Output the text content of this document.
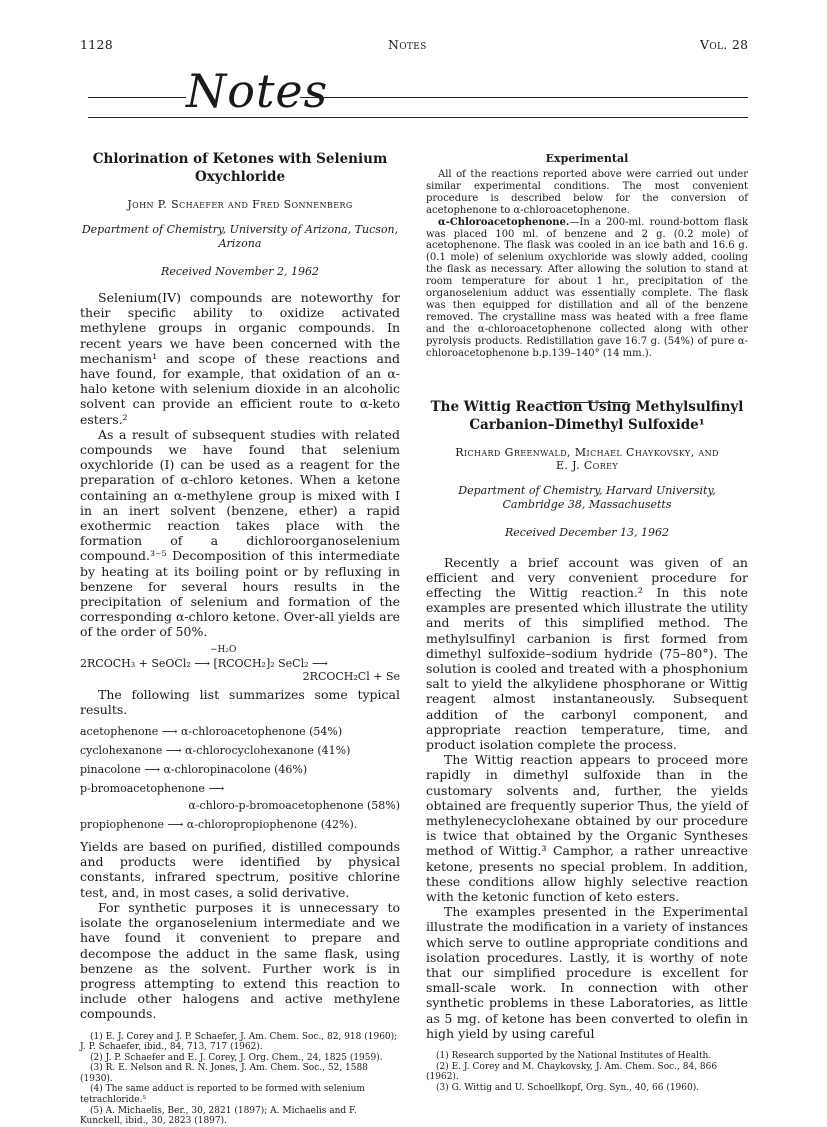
1128	Notes	Vol. 28
Notes
Chlorination of Ketones with Selenium
Oxychloride
John P. Schaefer and Fred Sonnenberg
Department of Chemistry, University of Arizona, Tucson,
Arizona
Received November 2, 1962

Selenium(IV) compounds are noteworthy for their specific ability to oxidize activated methylene groups in organic compounds. In recent years we have been concerned with the mechanism¹ and scope of these reactions and have found, for example, that oxidation of an α-halo ketone with selenium dioxide in an alcoholic solvent can provide an efficient route to α-keto esters.²

As a result of subsequent studies with related compounds we have found that selenium oxychloride (I) can be used as a reagent for the preparation of α-chloro ketones. When a ketone containing an α-methylene group is mixed with I in an inert solvent (benzene, ether) a rapid exothermic reaction takes place with the formation of a dichloroorganoselenium compound.³⁻⁵ Decomposition of this intermediate by heating at its boiling point or by refluxing in benzene for several hours results in the precipitation of selenium and formation of the corresponding α-chloro ketone. Over-all yields are of the order of 50%.

−H₂O
2RCOCH₃ + SeOCl₂ ⟶ [RCOCH₂]₂ SeCl₂ ⟶
2RCOCH₂Cl + Se

The following list summarizes some typical results.

acetophenone ⟶ α-chloroacetophenone (54%)
cyclohexanone ⟶ α-chlorocyclohexanone (41%)
pinacolone ⟶ α-chloropinacolone (46%)
p-bromoacetophenone ⟶
α-chloro-p-bromoacetophenone (58%)
propiophenone ⟶ α-chloropropiophenone (42%).

Yields are based on purified, distilled compounds and products were identified by physical constants, infrared spectrum, positive chlorine test, and, in most cases, a solid derivative.

For synthetic purposes it is unnecessary to isolate the organoselenium intermediate and we have found it convenient to prepare and decompose the adduct in the same flask, using benzene as the solvent. Further work is in progress attempting to extend this reaction to include other halogens and active methylene compounds.

(1) E. J. Corey and J. P. Schaefer, J. Am. Chem. Soc., 82, 918 (1960); J. P. Schaefer, ibid., 84, 713, 717 (1962).
(2) J. P. Schaefer and E. J. Corey, J. Org. Chem., 24, 1825 (1959).
(3) R. E. Nelson and R. N. Jones, J. Am. Chem. Soc., 52, 1588 (1930).
(4) The same adduct is reported to be formed with selenium tetrachloride.⁵
(5) A. Michaelis, Ber., 30, 2821 (1897); A. Michaelis and F. Kunckell, ibid., 30, 2823 (1897).
Experimental

All of the reactions reported above were carried out under similar experimental conditions. The most convenient procedure is described below for the conversion of acetophenone to α-chloroacetophenone.

α-Chloroacetophenone.—In a 200-ml. round-bottom flask was placed 100 ml. of benzene and 2 g. (0.2 mole) of acetophenone. The flask was cooled in an ice bath and 16.6 g. (0.1 mole) of selenium oxychloride was slowly added, cooling the flask as necessary. After allowing the solution to stand at room temperature for about 1 hr., precipitation of the organoselenium adduct was essentially complete. The flask was then equipped for distillation and all of the benzene removed. The crystalline mass was heated with a free flame and the α-chloroacetophenone collected along with other pyrolysis products. Redistillation gave 16.7 g. (54%) of pure α-chloroacetophenone b.p.139–140° (14 mm.).

The Wittig Reaction Using Methylsulfinyl
Carbanion–Dimethyl Sulfoxide¹
Richard Greenwald, Michael Chaykovsky, and
E. J. Corey
Department of Chemistry, Harvard University,
Cambridge 38, Massachusetts
Received December 13, 1962

Recently a brief account was given of an efficient and very convenient procedure for effecting the Wittig reaction.² In this note examples are presented which illustrate the utility and merits of this simplified method. The methylsulfinyl carbanion is first formed from dimethyl sulfoxide–sodium hydride (75–80°). The solution is cooled and treated with a phosphonium salt to yield the alkylidene phosphorane or Wittig reagent almost instantaneously. Subsequent addition of the carbonyl component, and appropriate reaction temperature, time, and product isolation complete the process.

The Wittig reaction appears to proceed more rapidly in dimethyl sulfoxide than in the customary solvents and, further, the yields obtained are frequently superior Thus, the yield of methylenecyclohexane obtained by our procedure is twice that obtained by the Organic Syntheses method of Wittig.³ Camphor, a rather unreactive ketone, presents no special problem. In addition, these conditions allow highly selective reaction with the ketonic function of keto esters.

The examples presented in the Experimental illustrate the modification in a variety of instances which serve to outline appropriate conditions and isolation procedures. Lastly, it is worthy of note that our simplified procedure is excellent for small-scale work. In connection with other synthetic problems in these Laboratories, as little as 5 mg. of ketone has been converted to olefin in high yield by using careful

(1) Research supported by the National Institutes of Health.
(2) E. J. Corey and M. Chaykovsky, J. Am. Chem. Soc., 84, 866 (1962).
(3) G. Wittig and U. Schoellkopf, Org. Syn., 40, 66 (1960).
